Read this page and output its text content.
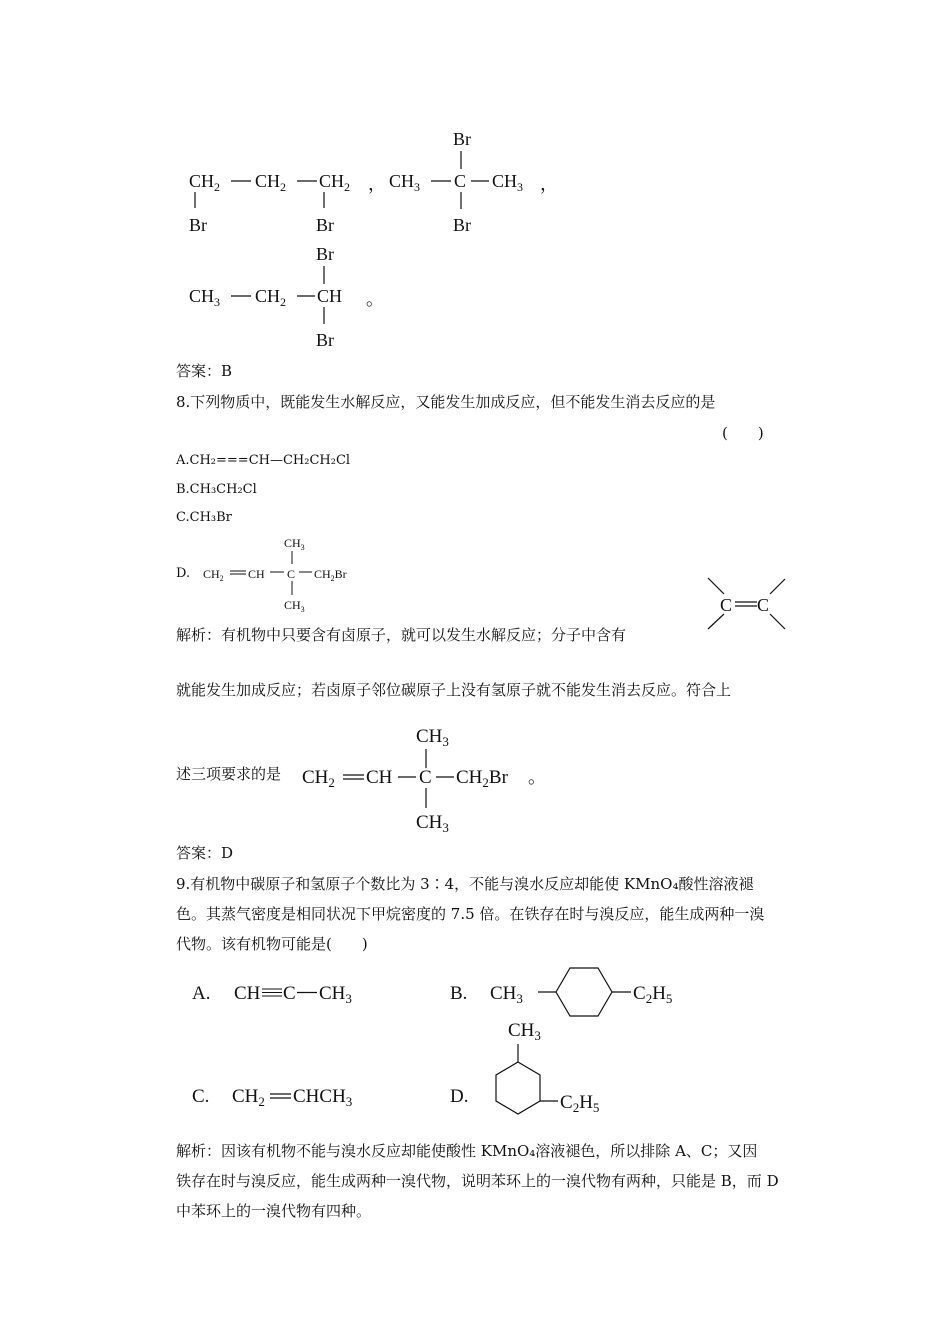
$CH_2$ $CH_2$ $CH_2$
Br	Br
，
Br
$CH_3$ C $CH_3$
Br
，
Br
$CH_3$ $CH_2$ CH
Br
。
答案：B
8.下列物质中，既能发生水解反应，又能发生加成反应，但不能发生消去反应的是
(　　)
A.CH₂===CH—CH₂CH₂Cl
B.CH₃CH₂Cl
C.CH₃Br
D.
$CH_3$
$CH_2$ CH C $CH_2Br$
$CH_3$
解析：有机物中只要含有卤原子，就可以发生水解反应；分子中含有
C C
就能发生加成反应；若卤原子邻位碳原子上没有氢原子就不能发生消去反应。符合上
述三项要求的是
$CH_3$
$CH_2$ CH C $CH_2Br$
$CH_3$
。
答案：D
9.有机物中碳原子和氢原子个数比为 3∶4，不能与溴水反应却能使 KMnO₄酸性溶液褪
色。其蒸气密度是相同状况下甲烷密度的 7.5 倍。在铁存在时与溴反应，能生成两种一溴
代物。该有机物可能是(　　)
A. CH C $CH_3$	B. $CH_3$	$C_2H_5$
C. $CH_2$ $CHCH_3$	D.
$CH_3$
$C_2H_5$
解析：因该有机物不能与溴水反应却能使酸性 KMnO₄溶液褪色，所以排除 A、C；又因
铁存在时与溴反应，能生成两种一溴代物，说明苯环上的一溴代物有两种，只能是 B，而 D
中苯环上的一溴代物有四种。
